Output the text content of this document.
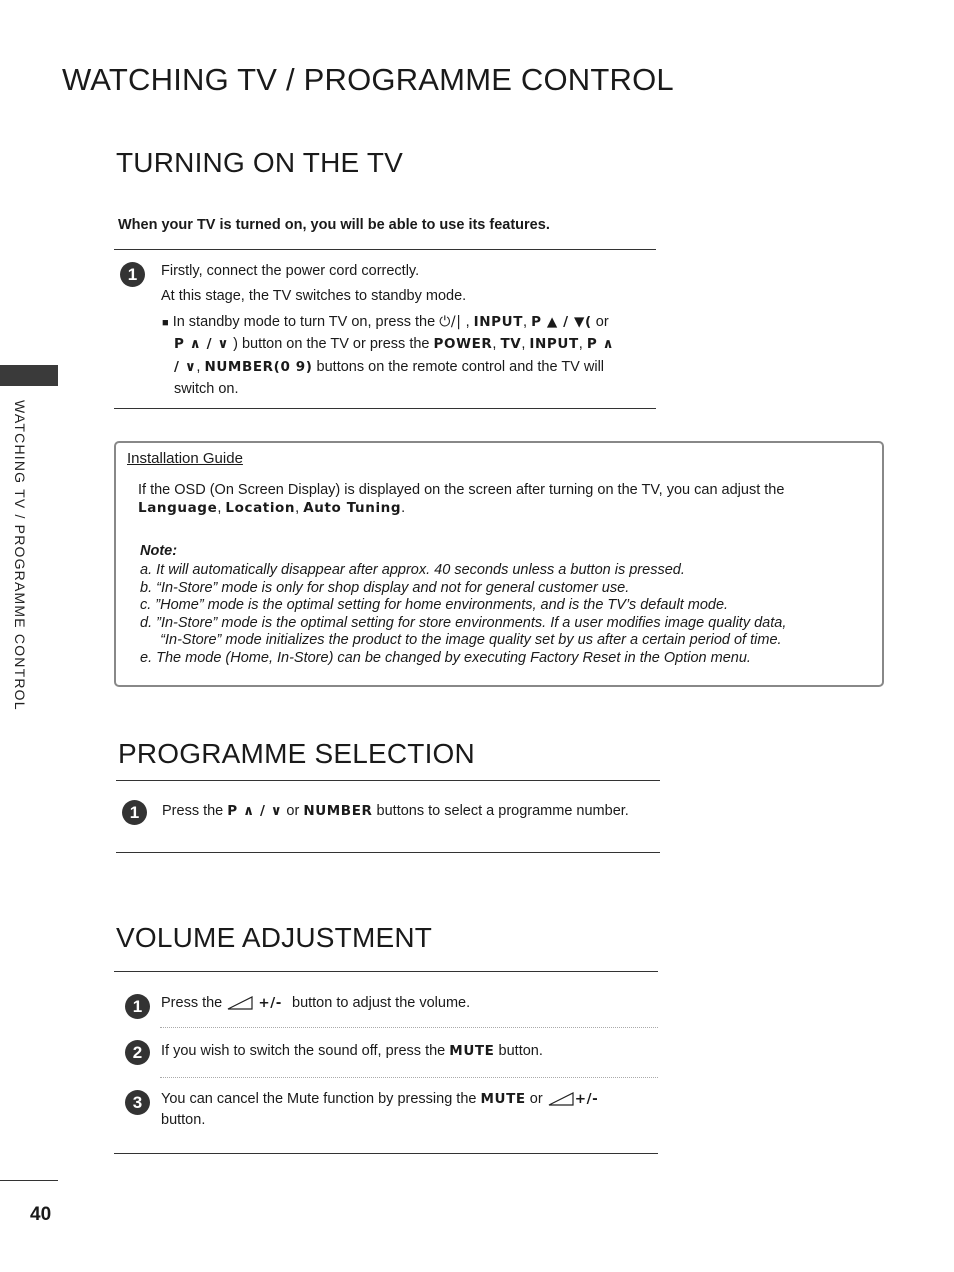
WATCHING TV / PROGRAMME CONTROL
WATCHING TV / PROGRAMME CONTROL
40
TURNING ON THE TV
When your TV is turned on, you will be able to use its features.
1	Firstly, connect the power cord correctly.
At this stage, the TV switches to standby mode.
■ In standby mode to turn TV on, press the ⏻/| , INPUT, P ▲ / ▼( or
P ∧ / ∨ ) button on the TV or press the POWER, TV, INPUT, P ∧
/ ∨, NUMBER(0 9) buttons on the remote control and the TV will
switch on.
Installation Guide
If the OSD (On Screen Display) is displayed on the screen after turning on the TV, you can adjust the
Language, Location, Auto Tuning.
Note:
a. It will automatically disappear after approx. 40 seconds unless a button is pressed.
b. “In-Store” mode is only for shop display and not for general customer use.
c. ”Home” mode is the optimal setting for home environments, and is the TV’s default mode.
d. ”In-Store” mode is the optimal setting for store environments. If a user modifies image quality data,
“In-Store” mode initializes the product to the image quality set by us after a certain period of time.
e. The mode (Home, In-Store) can be changed by executing Factory Reset in the Option menu.
PROGRAMME SELECTION
1	Press the P ∧ / ∨ or NUMBER buttons to select a programme number.
VOLUME ADJUSTMENT
1	Press the	+/- button to adjust the volume.
2	If you wish to switch the sound off, press the MUTE button.
3	You can cancel the Mute function by pressing the MUTE or +/-
button.
